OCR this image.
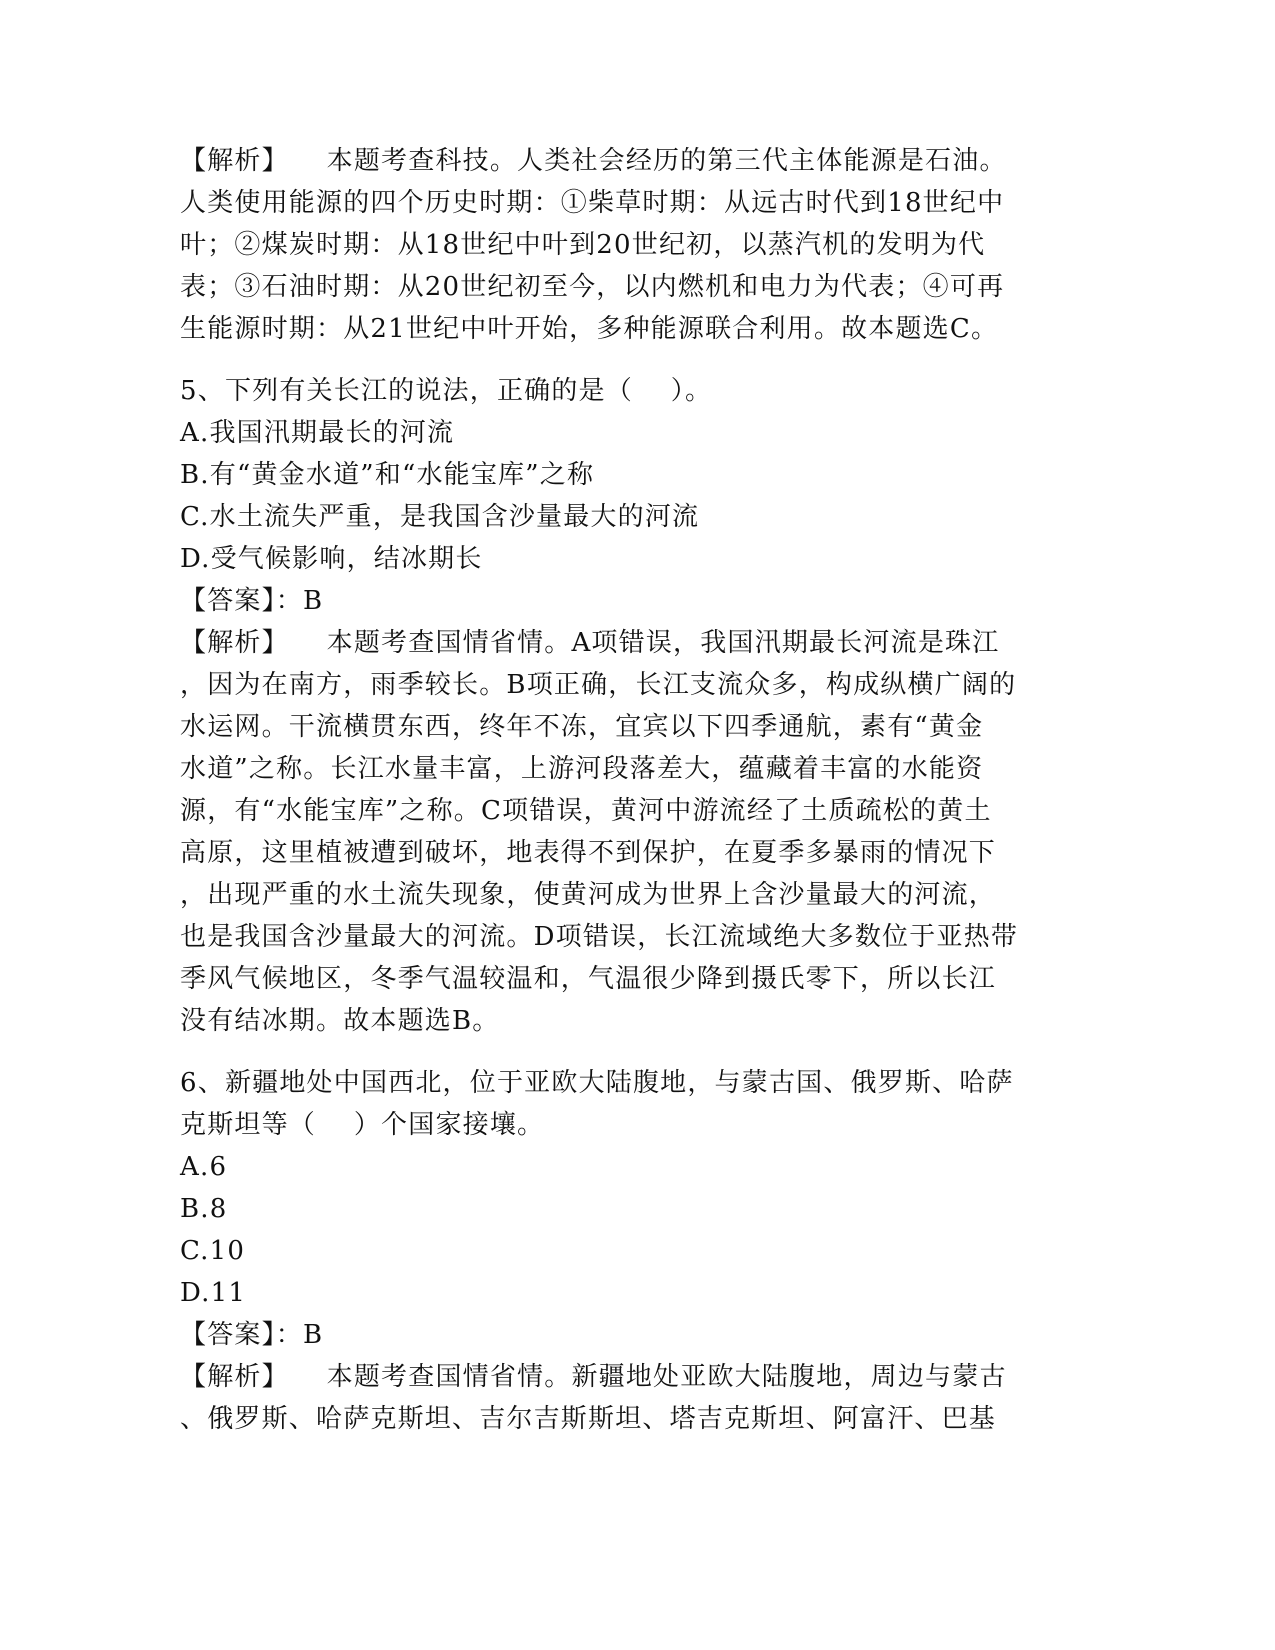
【解析】    本题考查科技。人类社会经历的第三代主体能源是石油。
人类使用能源的四个历史时期：①柴草时期：从远古时代到18世纪中
叶；②煤炭时期：从18世纪中叶到20世纪初，以蒸汽机的发明为代
表；③石油时期：从20世纪初至今，以内燃机和电力为代表；④可再
生能源时期：从21世纪中叶开始，多种能源联合利用。故本题选C。
5、下列有关长江的说法，正确的是（    ）。
A.我国汛期最长的河流
B.有“黄金水道”和“水能宝库”之称
C.水土流失严重，是我国含沙量最大的河流
D.受气候影响，结冰期长
【答案】：B
【解析】    本题考查国情省情。A项错误，我国汛期最长河流是珠江
，因为在南方，雨季较长。B项正确，长江支流众多，构成纵横广阔的
水运网。干流横贯东西，终年不冻，宜宾以下四季通航，素有“黄金
水道”之称。长江水量丰富，上游河段落差大，蕴藏着丰富的水能资
源，有“水能宝库”之称。C项错误，黄河中游流经了土质疏松的黄土
高原，这里植被遭到破坏，地表得不到保护，在夏季多暴雨的情况下
，出现严重的水土流失现象，使黄河成为世界上含沙量最大的河流，
也是我国含沙量最大的河流。D项错误，长江流域绝大多数位于亚热带
季风气候地区，冬季气温较温和，气温很少降到摄氏零下，所以长江
没有结冰期。故本题选B。
6、新疆地处中国西北，位于亚欧大陆腹地，与蒙古国、俄罗斯、哈萨
克斯坦等（    ）个国家接壤。
A.6
B.8
C.10
D.11
【答案】：B
【解析】    本题考查国情省情。新疆地处亚欧大陆腹地，周边与蒙古
、俄罗斯、哈萨克斯坦、吉尔吉斯斯坦、塔吉克斯坦、阿富汗、巴基
